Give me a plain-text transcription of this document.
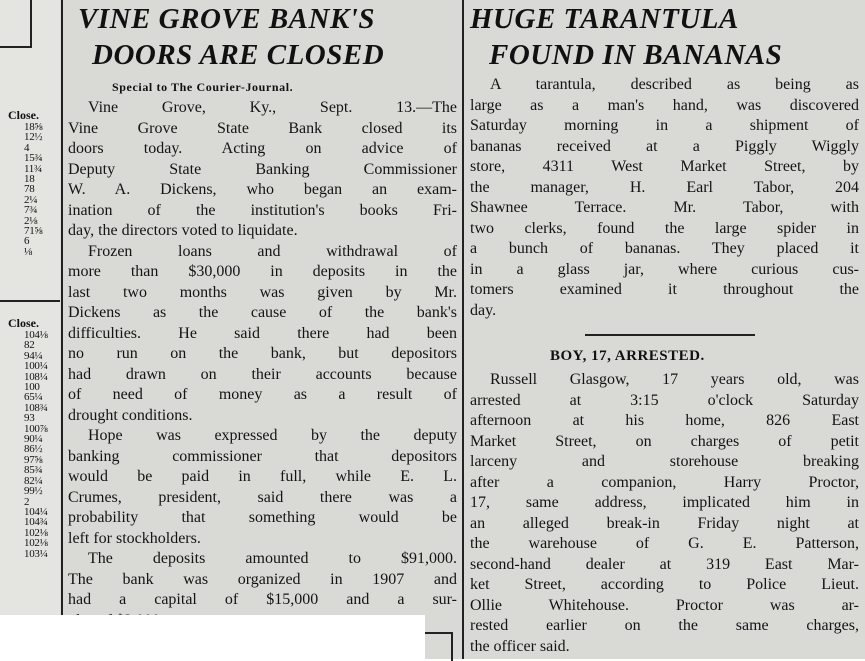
Close.
18⅝
12½
4
15¾
11¾
18
78
2¼
7¾
2⅛
71⅝
6
⅛
Close.
104⅛
82
94¼
100¼
108¼
100
65¼
108¾
93
100⅞
90¼
86½
97⅝
85¾
82¼
99½
2
104¼
104¾
102⅛
102⅛
103¼
VINE GROVE BANK'S
DOORS ARE CLOSED
Special to The Courier-Journal.
Vine Grove, Ky., Sept. 13.—The
Vine Grove State Bank closed its
doors today. Acting on advice of
Deputy State Banking Commissioner
W. A. Dickens, who began an exam-
ination of the institution's books Fri-
day, the directors voted to liquidate.
Frozen loans and withdrawal of
more than $30,000 in deposits in the
last two months was given by Mr.
Dickens as the cause of the bank's
difficulties. He said there had been
no run on the bank, but depositors
had drawn on their accounts because
of need of money as a result of
drought conditions.
Hope was expressed by the deputy
banking commissioner that depositors
would be paid in full, while E. L.
Crumes, president, said there was a
probability that something would be
left for stockholders.
The deposits amounted to $91,000.
The bank was organized in 1907 and
had a capital of $15,000 and a sur-
HUGE TARANTULA
FOUND IN BANANAS
A tarantula, described as being as
large as a man's hand, was discovered
Saturday morning in a shipment of
bananas received at a Piggly Wiggly
store, 4311 West Market Street, by
the manager, H. Earl Tabor, 204
Shawnee Terrace. Mr. Tabor, with
two clerks, found the large spider in
a bunch of bananas. They placed it
in a glass jar, where curious cus-
tomers examined it throughout the
day.
BOY, 17, ARRESTED.
Russell Glasgow, 17 years old, was
arrested at 3:15 o'clock Saturday
afternoon at his home, 826 East
Market Street, on charges of petit
larceny and storehouse breaking
after a companion, Harry Proctor,
17, same address, implicated him in
an alleged break-in Friday night at
the warehouse of G. E. Patterson,
second-hand dealer at 319 East Mar-
ket Street, according to Police Lieut.
Ollie Whitehouse. Proctor was ar-
rested earlier on the same charges,
the officer said.
